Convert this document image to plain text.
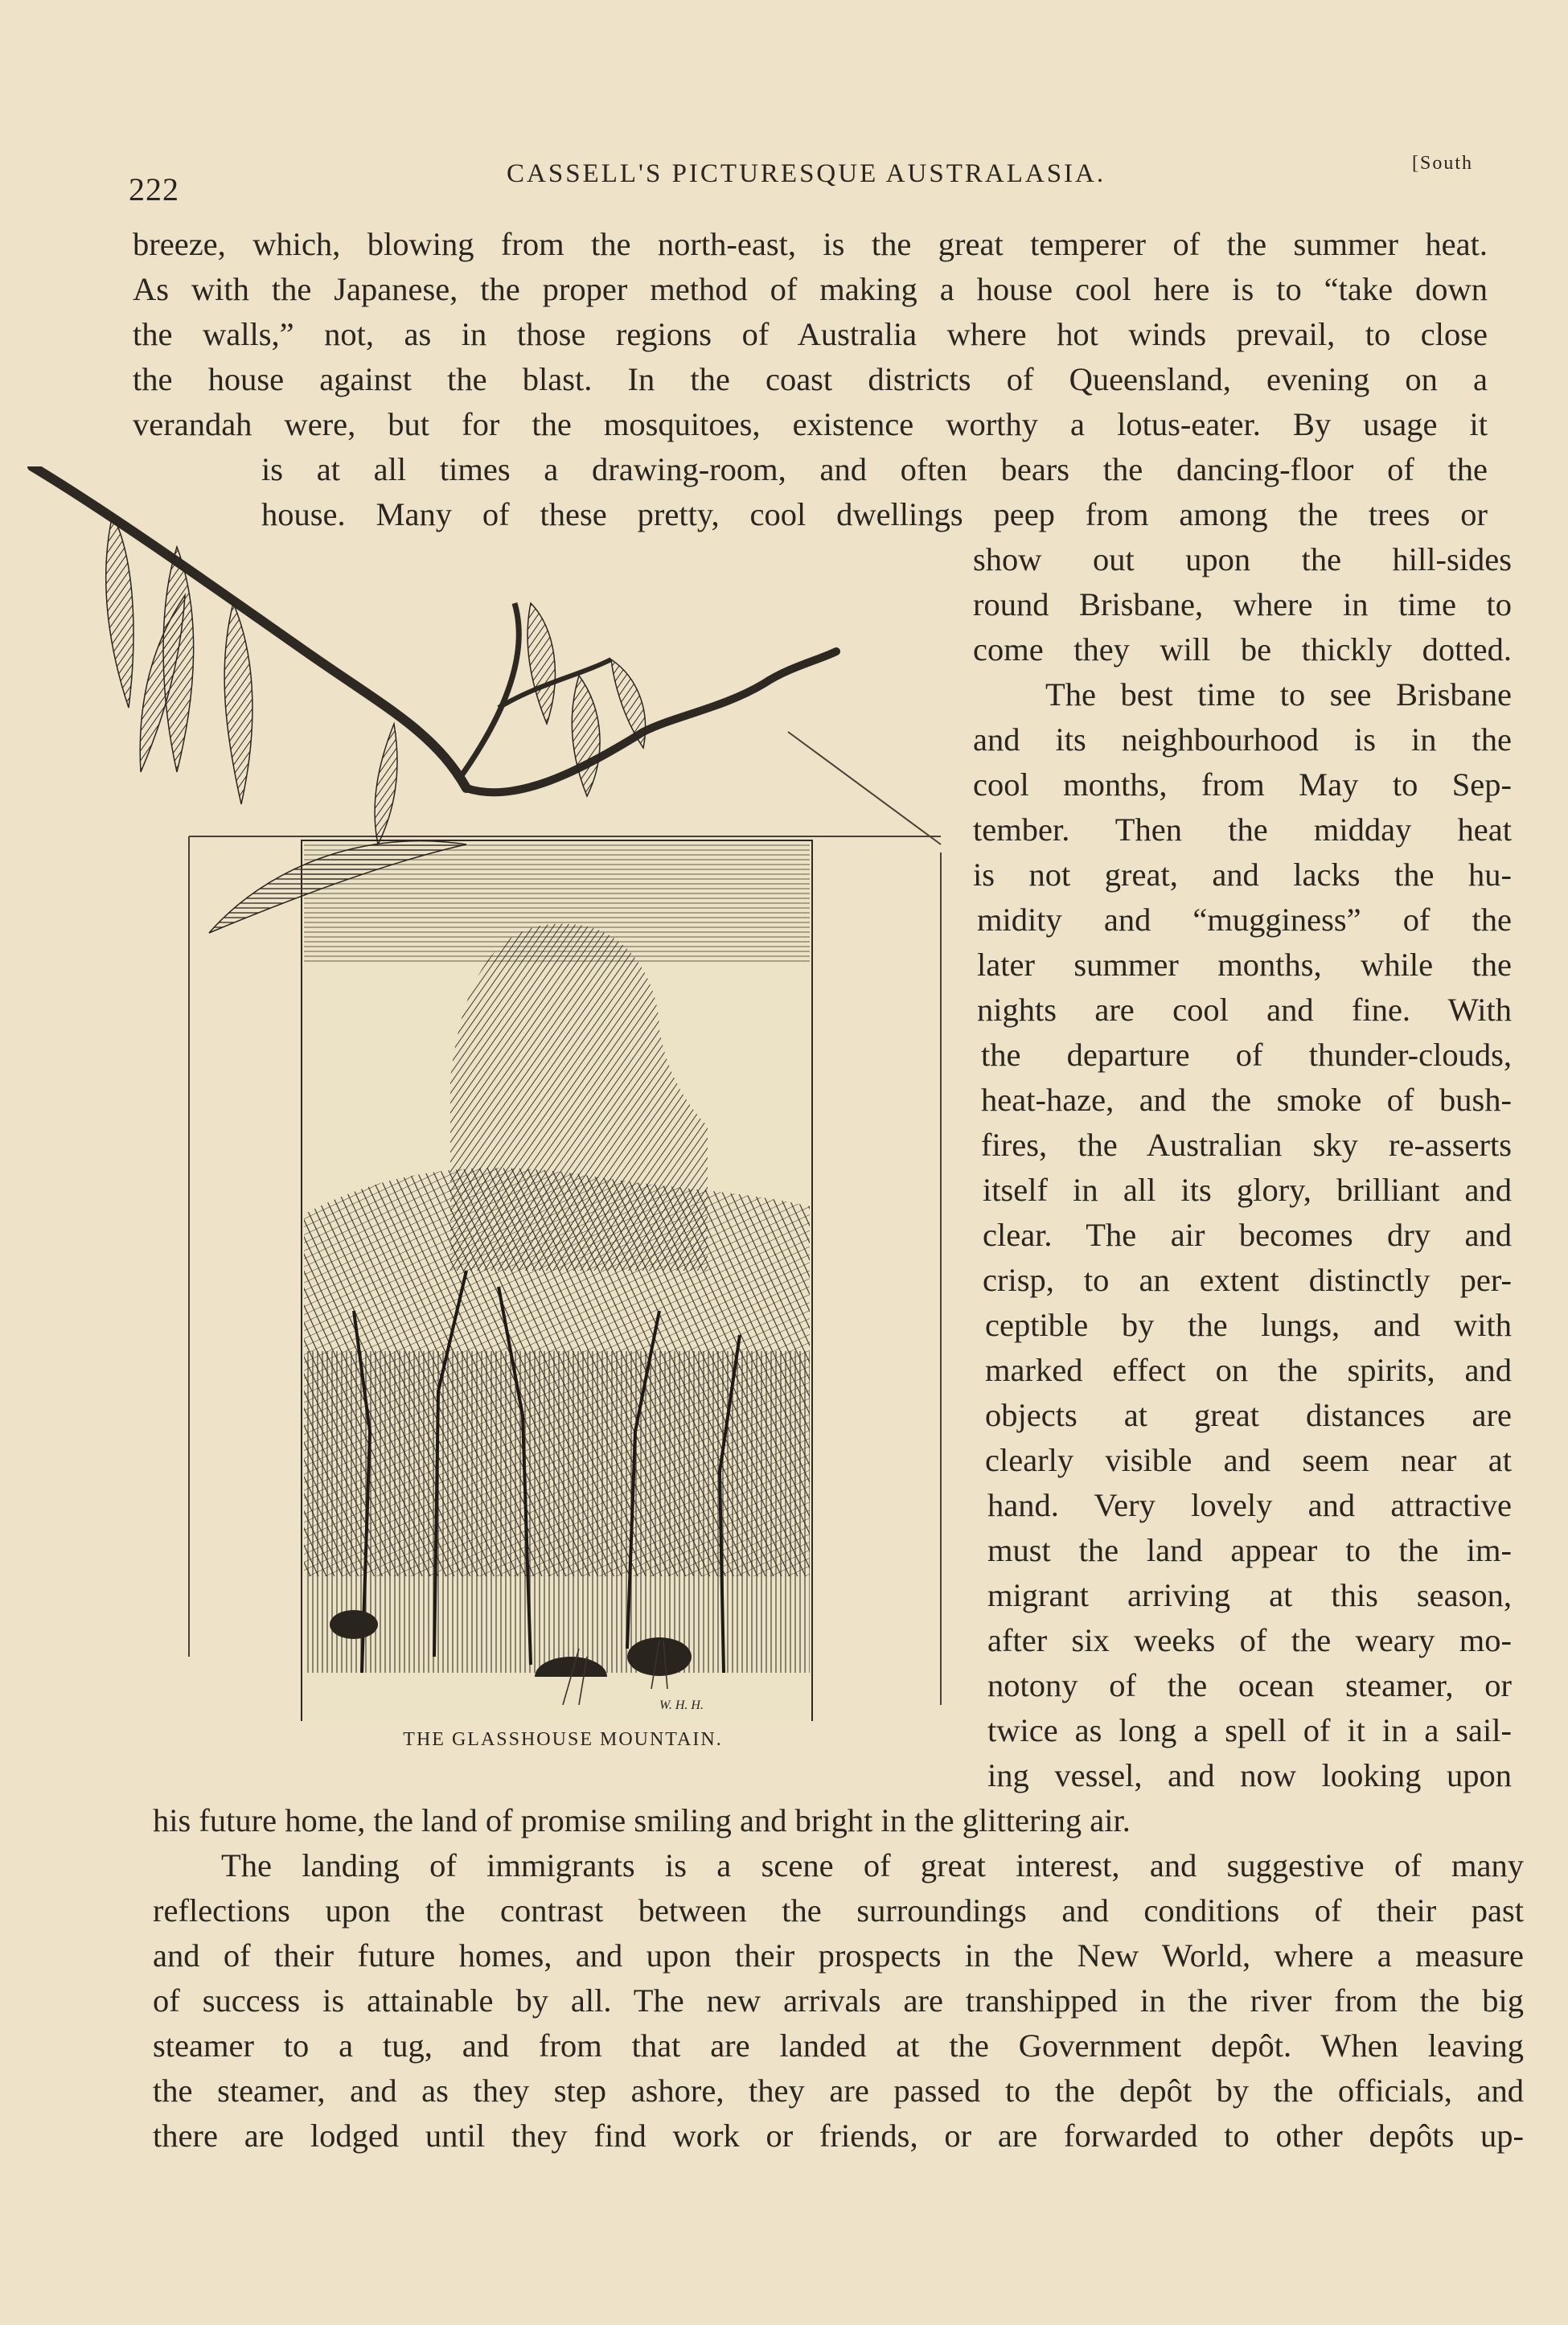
222	CASSELL'S PICTURESQUE AUSTRALASIA.	[South
W. H. H.
THE GLASSHOUSE MOUNTAIN.
breeze, which, blowing from the north-east, is the great temperer of the summer heat.
As with the Japanese, the proper method of making a house cool here is to “take down
the walls,” not, as in those regions of Australia where hot winds prevail, to close
the house against the blast. In the coast districts of Queensland, evening on a
verandah were, but for the mosquitoes, existence worthy a lotus-eater. By usage it
is at all times a drawing-room, and often bears the dancing-floor of the
house. Many of these pretty, cool dwellings peep from among the trees or
show out upon the hill-sides
round Brisbane, where in time to
come they will be thickly dotted.
The best time to see Brisbane
and its neighbourhood is in the
cool months, from May to Sep-
tember. Then the midday heat
is not great, and lacks the hu-
midity and “mugginess” of the
later summer months, while the
nights are cool and fine. With
the departure of thunder-clouds,
heat-haze, and the smoke of bush-
fires, the Australian sky re-asserts
itself in all its glory, brilliant and
clear. The air becomes dry and
crisp, to an extent distinctly per-
ceptible by the lungs, and with
marked effect on the spirits, and
objects at great distances are
clearly visible and seem near at
hand. Very lovely and attractive
must the land appear to the im-
migrant arriving at this season,
after six weeks of the weary mo-
notony of the ocean steamer, or
twice as long a spell of it in a sail-
ing vessel, and now looking upon
his future home, the land of promise smiling and bright in the glittering air.
The landing of immigrants is a scene of great interest, and suggestive of many
reflections upon the contrast between the surroundings and conditions of their past
and of their future homes, and upon their prospects in the New World, where a measure
of success is attainable by all. The new arrivals are transhipped in the river from the big
steamer to a tug, and from that are landed at the Government depôt. When leaving
the steamer, and as they step ashore, they are passed to the depôt by the officials, and
there are lodged until they find work or friends, or are forwarded to other depôts up-
